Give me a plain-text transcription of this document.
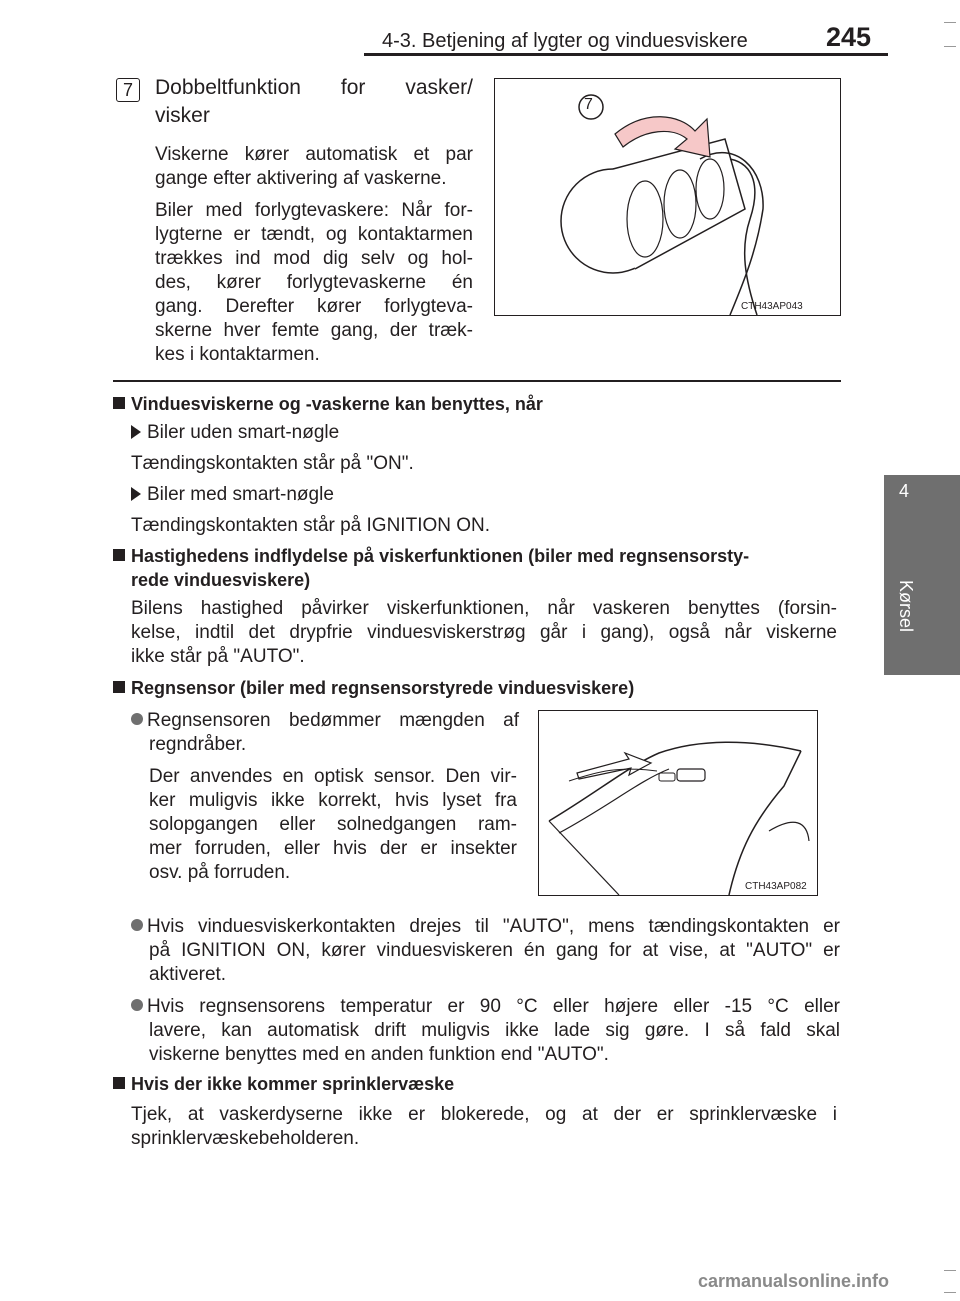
4-3. Betjening af lygter og vinduesviskere	245
4
Kørsel
7	Dobbeltfunktion for vasker/
visker
Viskerne kører automatisk et par
gange efter aktivering af vaskerne.
Biler med forlygtevaskere: Når for-
lygterne er tændt, og kontaktarmen
trækkes ind mod dig selv og hol-
des, kører forlygtevaskerne én
gang. Derefter kører forlygteva-
skerne hver femte gang, der træk-
kes i kontaktarmen.
7
CTH43AP043
Vinduesviskerne og -vaskerne kan benyttes, når
Biler uden smart-nøgle
Tændingskontakten står på "ON".
Biler med smart-nøgle
Tændingskontakten står på IGNITION ON.
Hastighedens indflydelse på viskerfunktionen (biler med regnsensorsty-
rede vinduesviskere)
Bilens hastighed påvirker viskerfunktionen, når vaskeren benyttes (forsin-
kelse, indtil det drypfrie vinduesviskerstrøg går i gang), også når viskerne
ikke står på "AUTO".
Regnsensor (biler med regnsensorstyrede vinduesviskere)
Regnsensoren bedømmer mængden af
regndråber.
Der anvendes en optisk sensor. Den vir-
ker muligvis ikke korrekt, hvis lyset fra
solopgangen eller solnedgangen ram-
mer forruden, eller hvis der er insekter
osv. på forruden.
CTH43AP082
Hvis vinduesviskerkontakten drejes til "AUTO", mens tændingskontakten er
på IGNITION ON, kører vinduesviskeren én gang for at vise, at "AUTO" er
aktiveret.
Hvis regnsensorens temperatur er 90 °C eller højere eller -15 °C eller
lavere, kan automatisk drift muligvis ikke lade sig gøre. I så fald skal
viskerne benyttes med en anden funktion end "AUTO".
Hvis der ikke kommer sprinklervæske
Tjek, at vaskerdyserne ikke er blokerede, og at der er sprinklervæske i
sprinklervæskebeholderen.
carmanualsonline.info
